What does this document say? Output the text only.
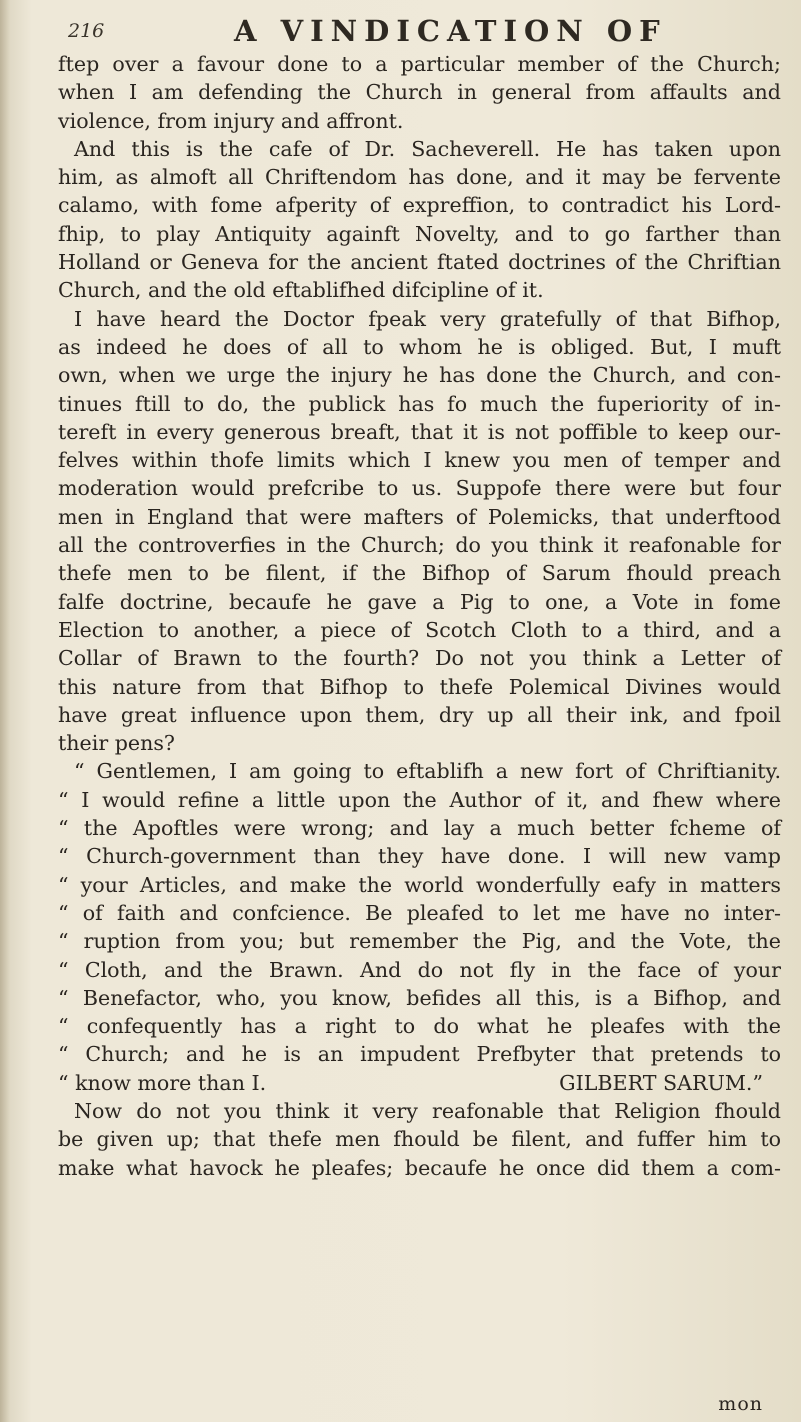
216	A VINDICATION OF

ftep over a favour done to a particular member of the Church;

when I am defending the Church in general from affaults and

violence, from injury and affront.

And this is the cafe of Dr. Sacheverell. He has taken upon

him, as almoft all Chriftendom has done, and it may be fervente

calamo, with fome afperity of expreffion, to contradict his Lord-

fhip, to play Antiquity againft Novelty, and to go farther than

Holland or Geneva for the ancient ftated doctrines of the Chriftian

Church, and the old eftablifhed difcipline of it.

I have heard the Doctor fpeak very gratefully of that Bifhop,

as indeed he does of all to whom he is obliged. But, I muft

own, when we urge the injury he has done the Church, and con-

tinues ftill to do, the publick has fo much the fuperiority of in-

tereft in every generous breaft, that it is not poffible to keep our-

felves within thofe limits which I knew you men of temper and

moderation would prefcribe to us. Suppofe there were but four

men in England that were mafters of Polemicks, that underftood

all the controverfies in the Church; do you think it reafonable for

thefe men to be filent, if the Bifhop of Sarum fhould preach

falfe doctrine, becaufe he gave a Pig to one, a Vote in fome

Election to another, a piece of Scotch Cloth to a third, and a

Collar of Brawn to the fourth? Do not you think a Letter of

this nature from that Bifhop to thefe Polemical Divines would

have great influence upon them, dry up all their ink, and fpoil

their pens?

“ Gentlemen, I am going to eftablifh a new fort of Chriftianity.

“ I would refine a little upon the Author of it, and fhew where

“ the Apoftles were wrong; and lay a much better fcheme of

“ Church-government than they have done. I will new vamp

“ your Articles, and make the world wonderfully eafy in matters

“ of faith and confcience. Be pleafed to let me have no inter-

“ ruption from you; but remember the Pig, and the Vote, the

“ Cloth, and the Brawn. And do not fly in the face of your

“ Benefactor, who, you know, befides all this, is a Bifhop, and

“ confequently has a right to do what he pleafes with the

“ Church; and he is an impudent Prefbyter that pretends to

“ know more than I.	GILBERT SARUM.”

Now do not you think it very reafonable that Religion fhould

be given up; that thefe men fhould be filent, and fuffer him to

make what havock he pleafes; becaufe he once did them a com-

mon
